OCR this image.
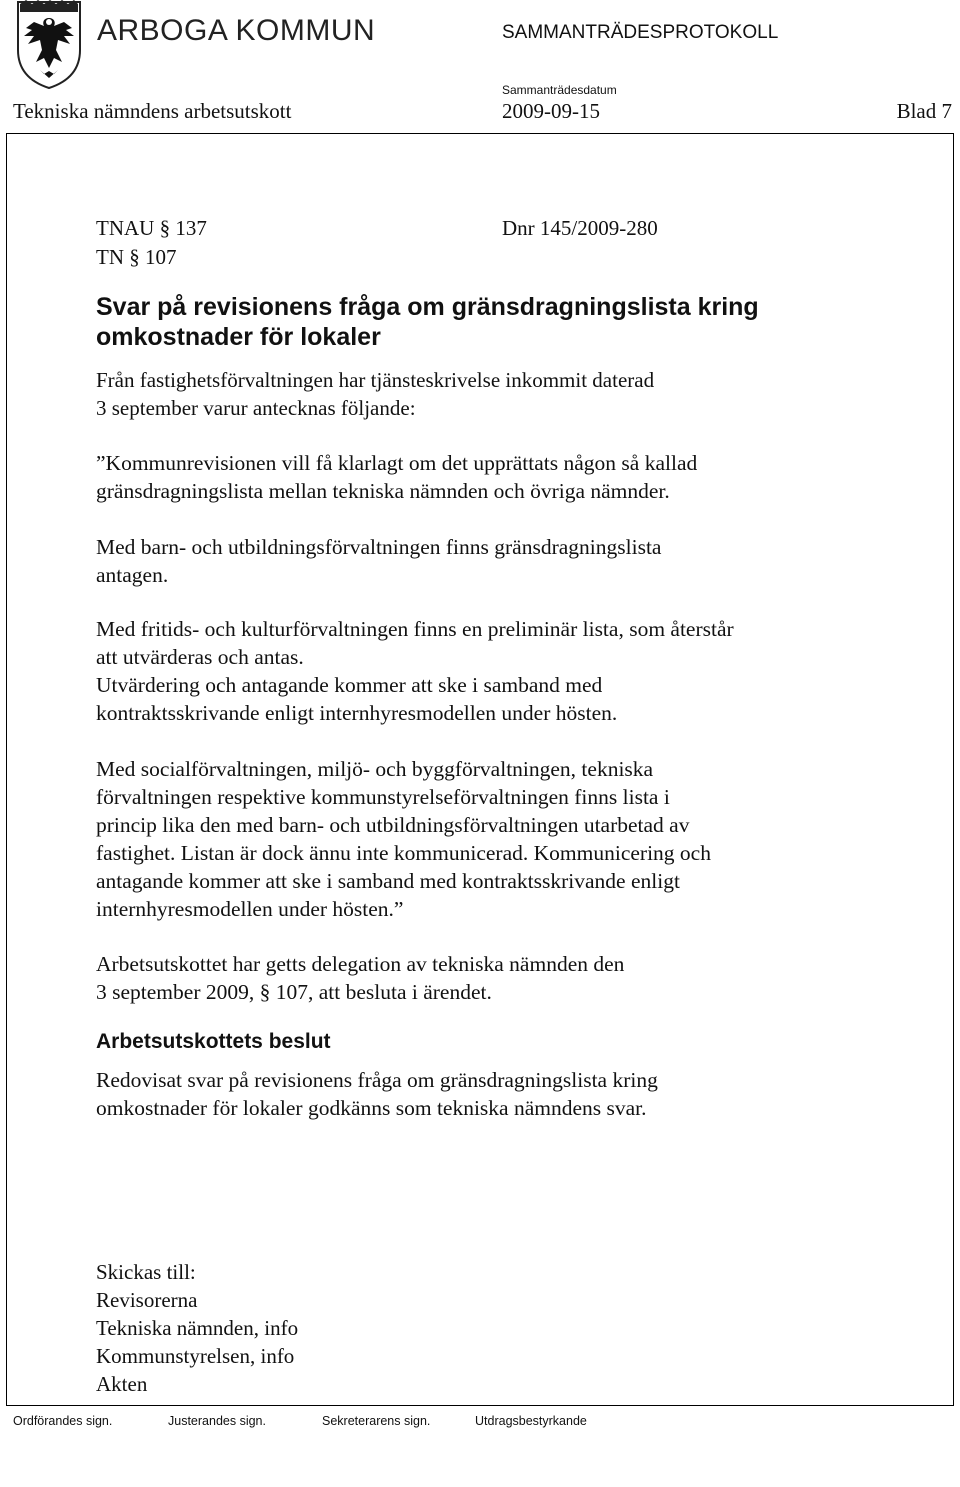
ARBOGA KOMMUN	SAMMANTRÄDESPROTOKOLL
Sammanträdesdatum
Tekniska nämndens arbetsutskott	2009-09-15	Blad 7
TNAU § 137
TN § 107
Dnr 145/2009-280
Svar på revisionens fråga om gränsdragningslista kring
omkostnader för lokaler
Från fastighetsförvaltningen har tjänsteskrivelse inkommit daterad
3 september varur antecknas följande:
”Kommunrevisionen vill få klarlagt om det upprättats någon så kallad
gränsdragningslista mellan tekniska nämnden och övriga nämnder.
Med barn- och utbildningsförvaltningen finns gränsdragningslista
antagen.
Med fritids- och kulturförvaltningen finns en preliminär lista, som återstår
att utvärderas och antas.
Utvärdering och antagande kommer att ske i samband med
kontraktsskrivande enligt internhyresmodellen under hösten.
Med socialförvaltningen, miljö- och byggförvaltningen, tekniska
förvaltningen respektive kommunstyrelseförvaltningen finns lista i
princip lika den med barn- och utbildningsförvaltningen utarbetad av
fastighet. Listan är dock ännu inte kommunicerad. Kommunicering och
antagande kommer att ske i samband med kontraktsskrivande enligt
internhyresmodellen under hösten.”
Arbetsutskottet har getts delegation av tekniska nämnden den
3 september 2009, § 107, att besluta i ärendet.
Arbetsutskottets beslut
Redovisat svar på revisionens fråga om gränsdragningslista kring
omkostnader för lokaler godkänns som tekniska nämndens svar.
Skickas till:
Revisorerna
Tekniska nämnden, info
Kommunstyrelsen, info
Akten
Ordförandes sign.	Justerandes sign.	Sekreterarens sign.	Utdragsbestyrkande
